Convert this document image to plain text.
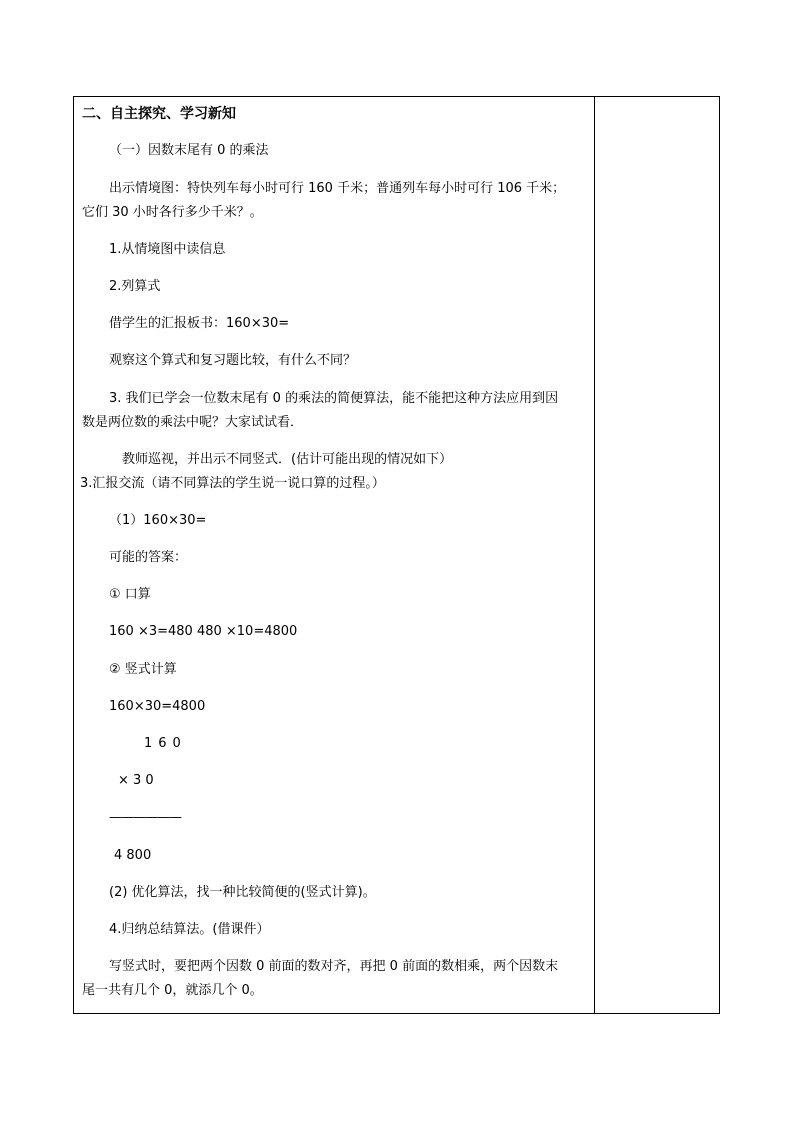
二、自主探究、学习新知
（一）因数末尾有 0 的乘法
出示情境图：特快列车每小时可行 160 千米；普通列车每小时可行 106 千米；
它们 30 小时各行多少千米？。
1.从情境图中读信息
2.列算式
借学生的汇报板书：160×30=
观察这个算式和复习题比较，有什么不同？
3. 我们已学会一位数末尾有 0 的乘法的简便算法，能不能把这种方法应用到因
数是两位数的乘法中呢？大家试试看．
教师巡视，并出示不同竖式．(估计可能出现的情况如下）
3.汇报交流（请不同算法的学生说一说口算的过程。）
（1）160×30=
可能的答案：
① 口算
160 ×3=480 480 ×10=4800
② 竖式计算
160×30=4800
160
× 3 0
——————
4 800
(2) 优化算法，找一种比较简便的(竖式计算)。
4.归纳总结算法。(借课件）
写竖式时，要把两个因数 0 前面的数对齐，再把 0 前面的数相乘，两个因数末
尾一共有几个 0，就添几个 0。
